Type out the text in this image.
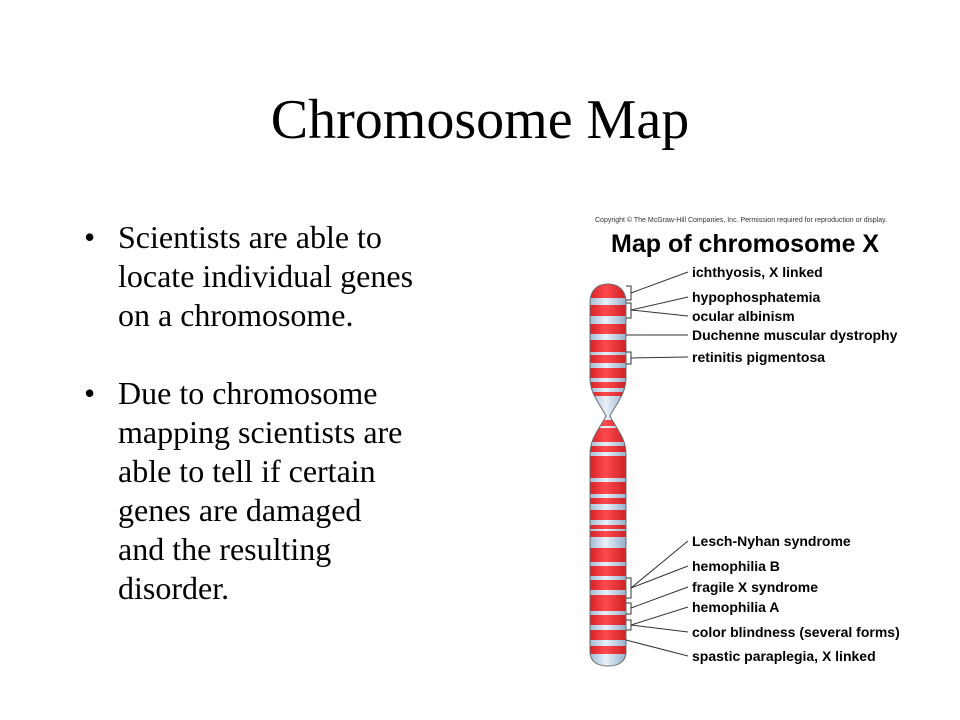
Chromosome Map
• Scientists are able to
locate individual genes
on a chromosome.
• Due to chromosome
mapping scientists are
able to tell if certain
genes are damaged
and the resulting
disorder.
Copyright © The McGraw-Hill Companies, Inc. Permission required for reproduction or display.
Map of chromosome X
ichthyosis, X linked
hypophosphatemia
ocular albinism
Duchenne muscular dystrophy
retinitis pigmentosa
Lesch-Nyhan syndrome
hemophilia B
fragile X syndrome
hemophilia A
color blindness (several forms)
spastic paraplegia, X linked
